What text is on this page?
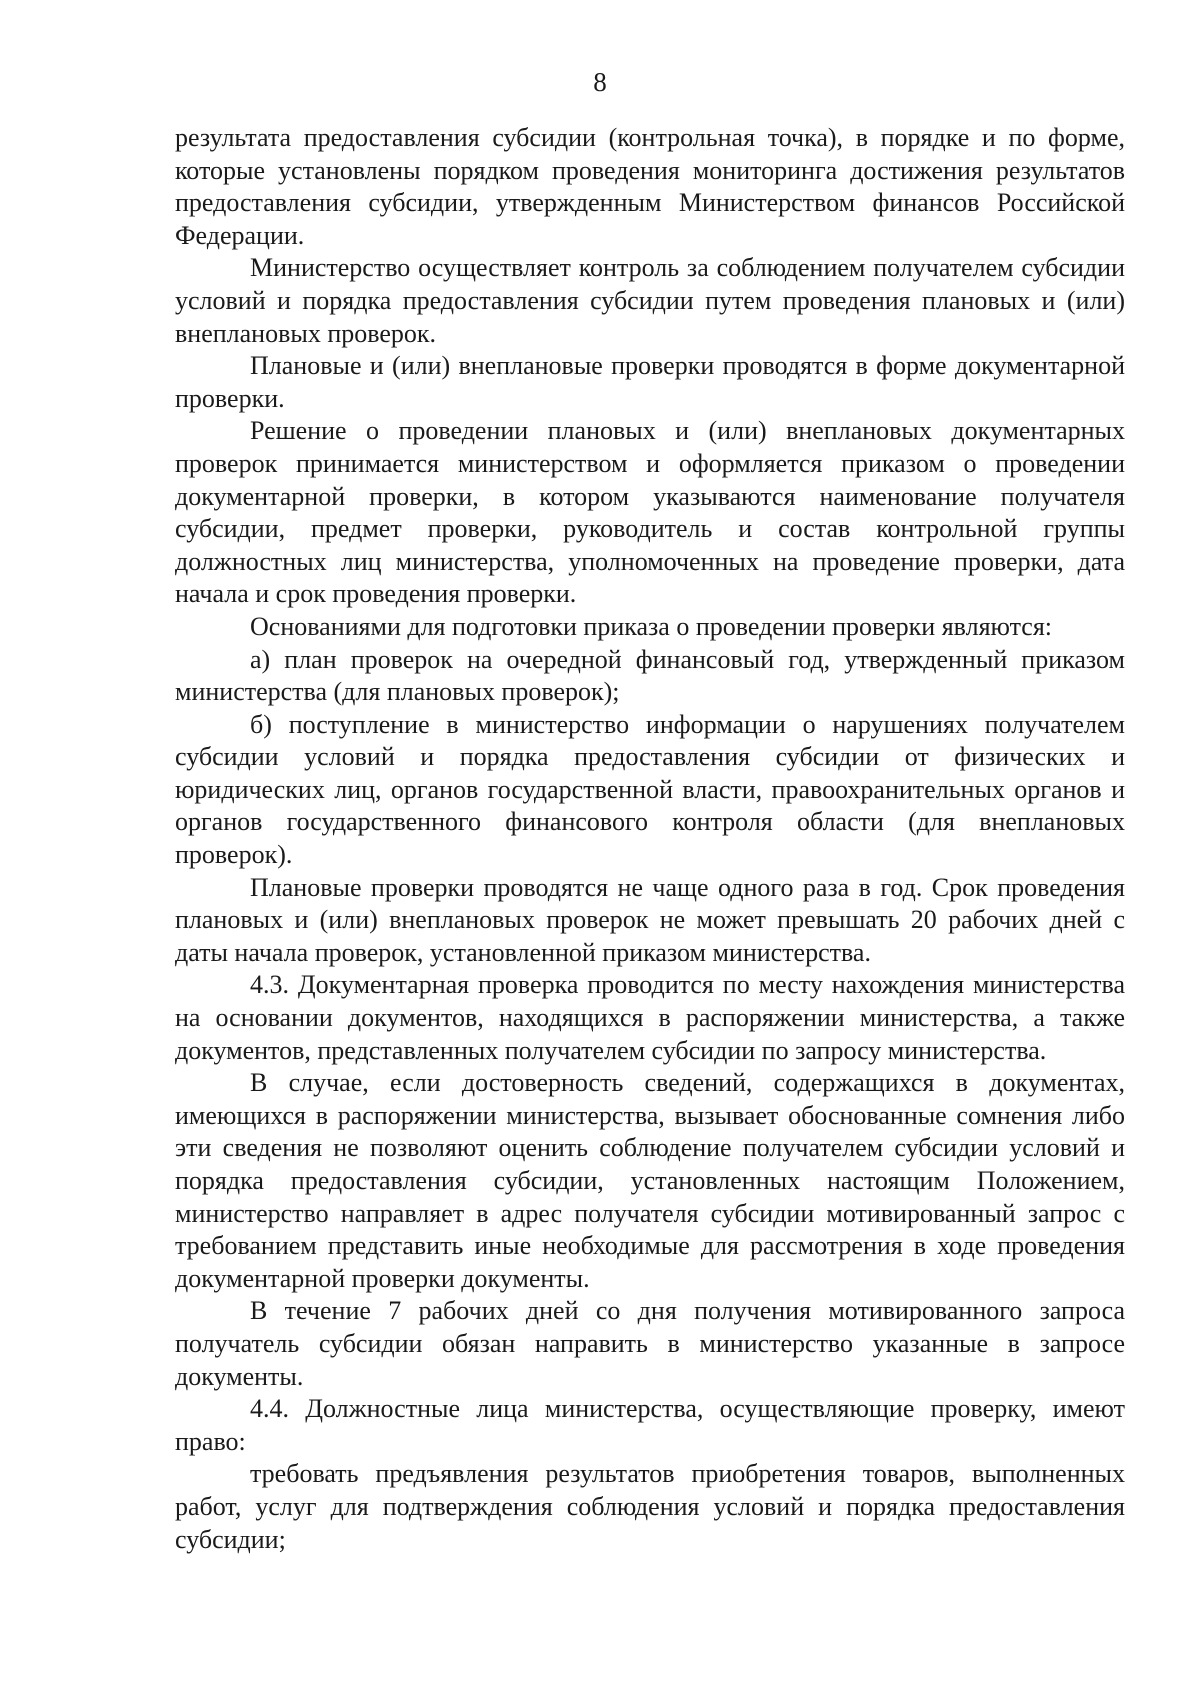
8

результата предоставления субсидии (контрольная точка), в порядке и по форме, которые установлены порядком проведения мониторинга достижения результатов предоставления субсидии, утвержденным Министерством финансов Российской Федерации.

Министерство осуществляет контроль за соблюдением получателем субсидии условий и порядка предоставления субсидии путем проведения плановых и (или) внеплановых проверок.

Плановые и (или) внеплановые проверки проводятся в форме документарной проверки.

Решение о проведении плановых и (или) внеплановых документарных проверок принимается министерством и оформляется приказом о проведении документарной проверки, в котором указываются наименование получателя субсидии, предмет проверки, руководитель и состав контрольной группы должностных лиц министерства, уполномоченных на проведение проверки, дата начала и срок проведения проверки.

Основаниями для подготовки приказа о проведении проверки являются:

а) план проверок на очередной финансовый год, утвержденный приказом министерства (для плановых проверок);

б) поступление в министерство информации о нарушениях получателем субсидии условий и порядка предоставления субсидии от физических и юридических лиц, органов государственной власти, правоохранительных органов и органов государственного финансового контроля области (для внеплановых проверок).

Плановые проверки проводятся не чаще одного раза в год. Срок проведения плановых и (или) внеплановых проверок не может превышать 20 рабочих дней с даты начала проверок, установленной приказом министерства.

4.3. Документарная проверка проводится по месту нахождения министерства на основании документов, находящихся в распоряжении министерства, а также документов, представленных получателем субсидии по запросу министерства.

В случае, если достоверность сведений, содержащихся в документах, имеющихся в распоряжении министерства, вызывает обоснованные сомнения либо эти сведения не позволяют оценить соблюдение получателем субсидии условий и порядка предоставления субсидии, установленных настоящим Положением, министерство направляет в адрес получателя субсидии мотивированный запрос с требованием представить иные необходимые для рассмотрения в ходе проведения документарной проверки документы.

В течение 7 рабочих дней со дня получения мотивированного запроса получатель субсидии обязан направить в министерство указанные в запросе документы.

4.4. Должностные лица министерства, осуществляющие проверку, имеют право:

требовать предъявления результатов приобретения товаров, выполненных работ, услуг для подтверждения соблюдения условий и порядка предоставления субсидии;
